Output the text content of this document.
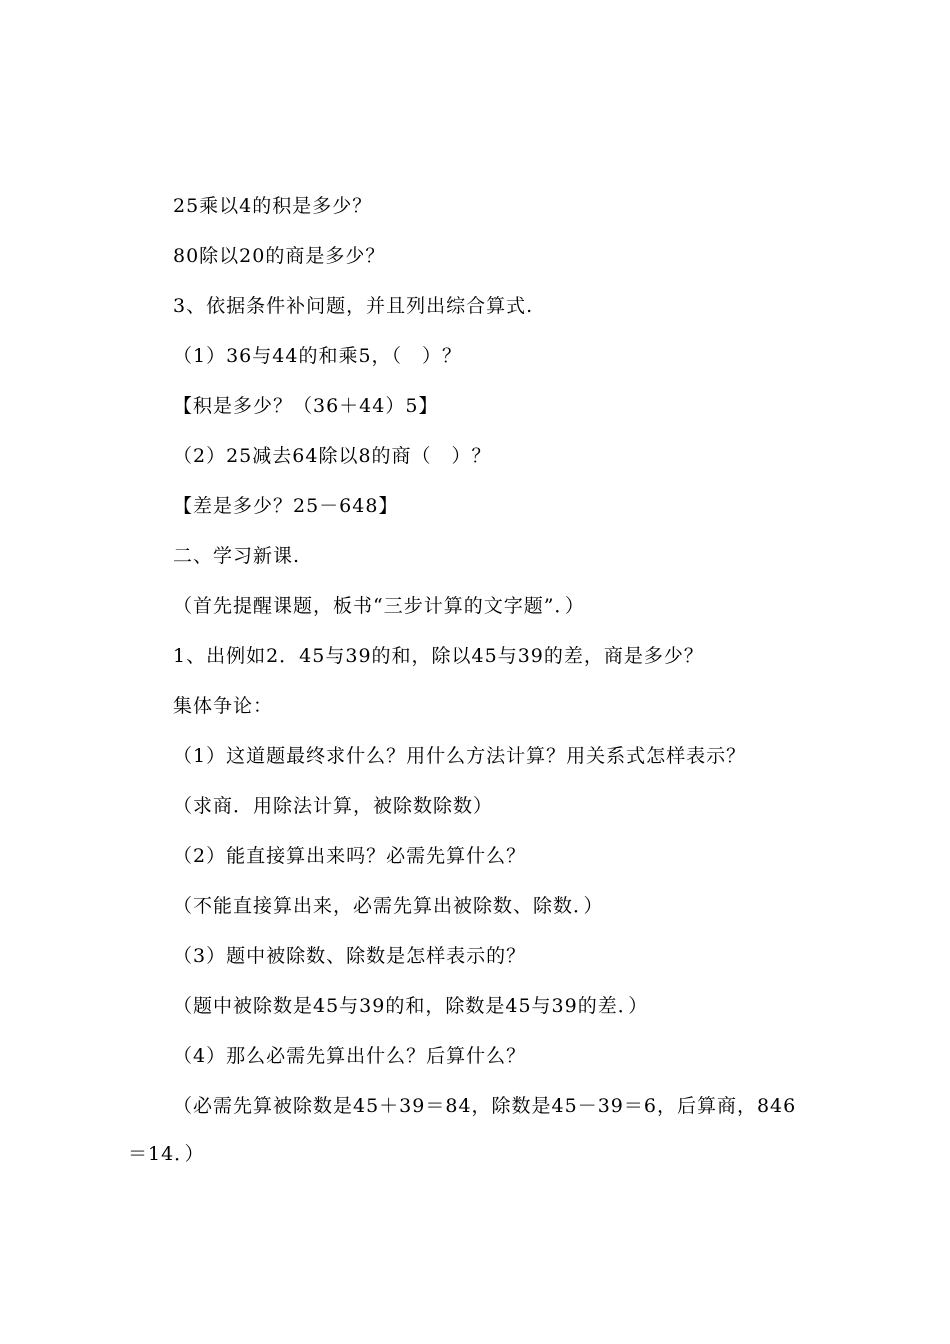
25乘以4的积是多少？
80除以20的商是多少？
3、依据条件补问题，并且列出综合算式.
（1）36与44的和乘5，（　）？
【积是多少？（36＋44）5】
（2）25减去64除以8的商（　）？
【差是多少？25－648】
二、学习新课.
（首先提醒课题，板书“三步计算的文字题”．）
1、出例如2．45与39的和，除以45与39的差，商是多少？
集体争论：
（1）这道题最终求什么？用什么方法计算？用关系式怎样表示？
（求商．用除法计算，被除数除数）
（2）能直接算出来吗？必需先算什么？
（不能直接算出来，必需先算出被除数、除数．）
（3）题中被除数、除数是怎样表示的？
（题中被除数是45与39的和，除数是45与39的差．）
（4）那么必需先算出什么？后算什么？
（必需先算被除数是45＋39＝84，除数是45－39＝6，后算商，846
＝14．）
